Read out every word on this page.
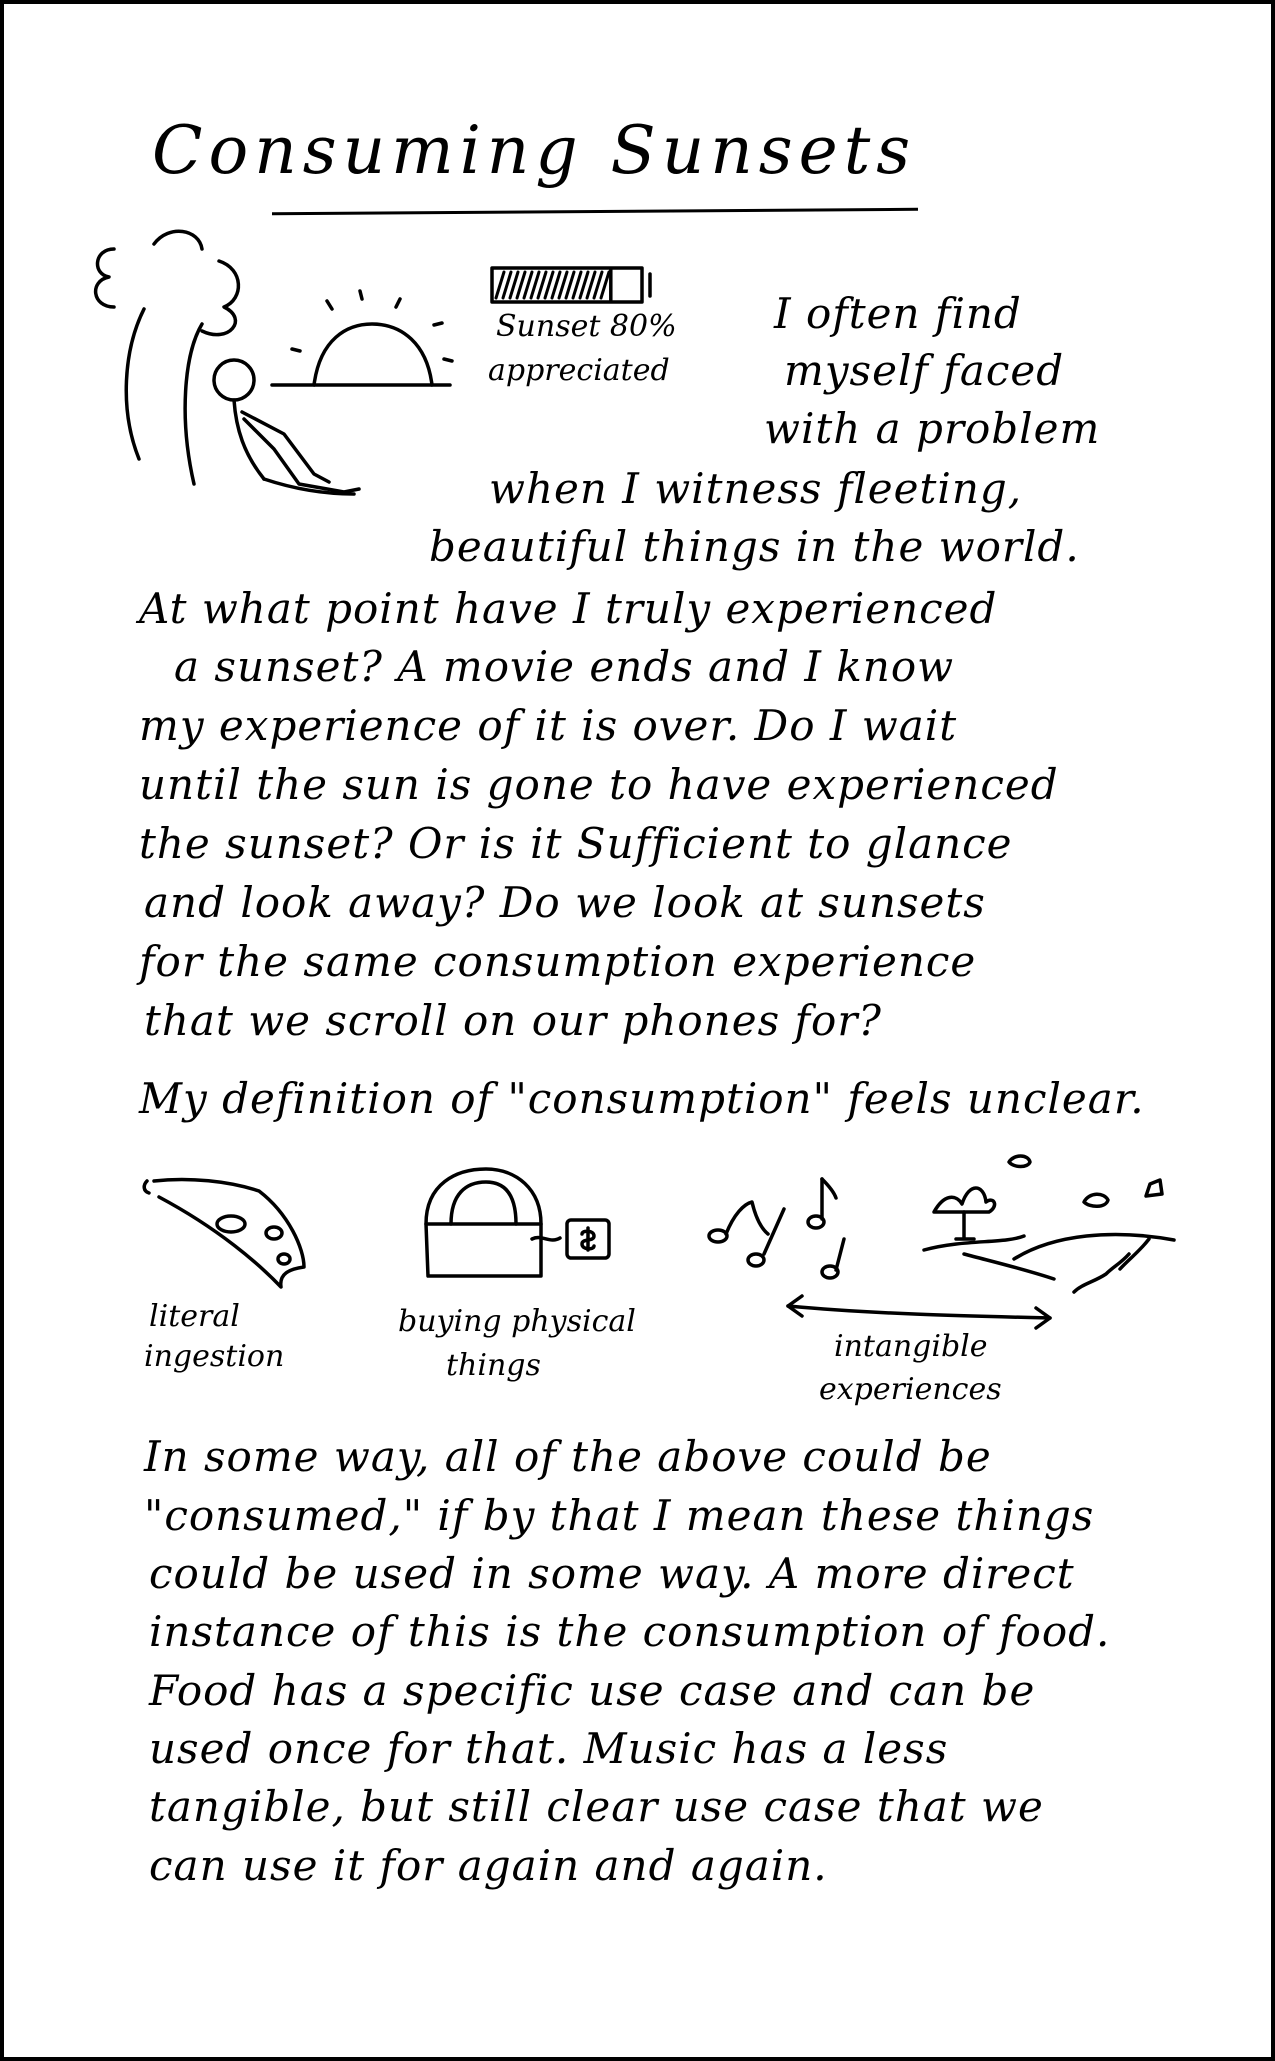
Consuming Sunsets
Sunset 80%
appreciated
I often find
myself faced
with a problem
when I witness fleeting,
beautiful things in the world.
At what point have I truly experienced
a sunset? A movie ends and I know
my experience of it is over. Do I wait
until the sun is gone to have experienced
the sunset? Or is it Sufficient to glance
and look away? Do we look at sunsets
for the same consumption experience
that we scroll on our phones for?
My definition of "consumption" feels unclear.
literal
ingestion
buying physical
things
intangible
experiences
In some way, all of the above could be
"consumed," if by that I mean these things
could be used in some way. A more direct
instance of this is the consumption of food.
Food has a specific use case and can be
used once for that. Music has a less
tangible, but still clear use case that we
can use it for again and again.
